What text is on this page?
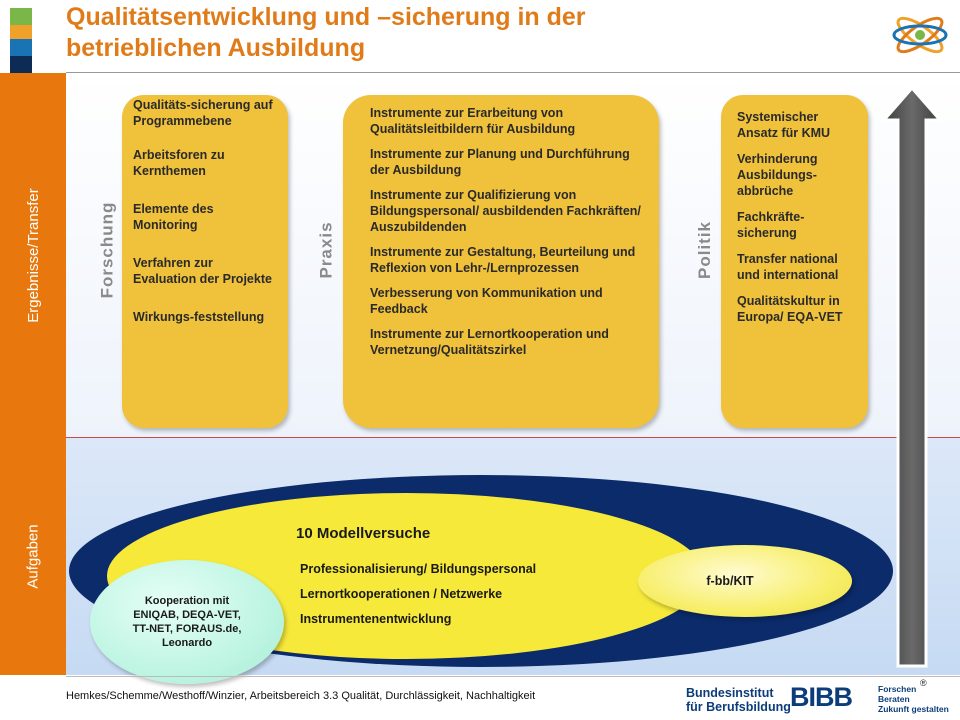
Qualitätsentwicklung und –sicherung in der
betrieblichen Ausbildung
Ergebnisse/Transfer
Aufgaben
Forschung	Praxis	Politik
Qualitäts-sicherung auf Programmebene
Arbeitsforen zu Kernthemen
Elemente des Monitoring
Verfahren zur Evaluation der Projekte
Wirkungs-feststellung
Instrumente zur Erarbeitung von Qualitätsleitbildern für Ausbildung
Instrumente zur Planung und Durchführung der Ausbildung
Instrumente zur Qualifizierung von Bildungspersonal/ ausbildenden Fachkräften/ Auszubildenden
Instrumente zur Gestaltung, Beurteilung und Reflexion von Lehr-/Lernprozessen
Verbesserung von Kommunikation und Feedback
Instrumente zur Lernortkooperation und Vernetzung/Qualitätszirkel
Systemischer Ansatz für KMU
Verhinderung Ausbildungs-abbrüche
Fachkräfte-sicherung
Transfer national und international
Qualitätskultur in Europa/ EQA-VET
10 Modellversuche
Professionalisierung/ Bildungspersonal
Lernortkooperationen / Netzwerke
Instrumentenentwicklung
Kooperation mit ENIQAB, DEQA-VET, TT-NET, FORAUS.de, Leonardo
f-bb/KIT
Hemkes/Schemme/Westhoff/Winzier, Arbeitsbereich 3.3 Qualität, Durchlässigkeit, Nachhaltigkeit
®
Bundesinstitut
für Berufsbildung BIBB	Forschen
Beraten
Zukunft gestalten
